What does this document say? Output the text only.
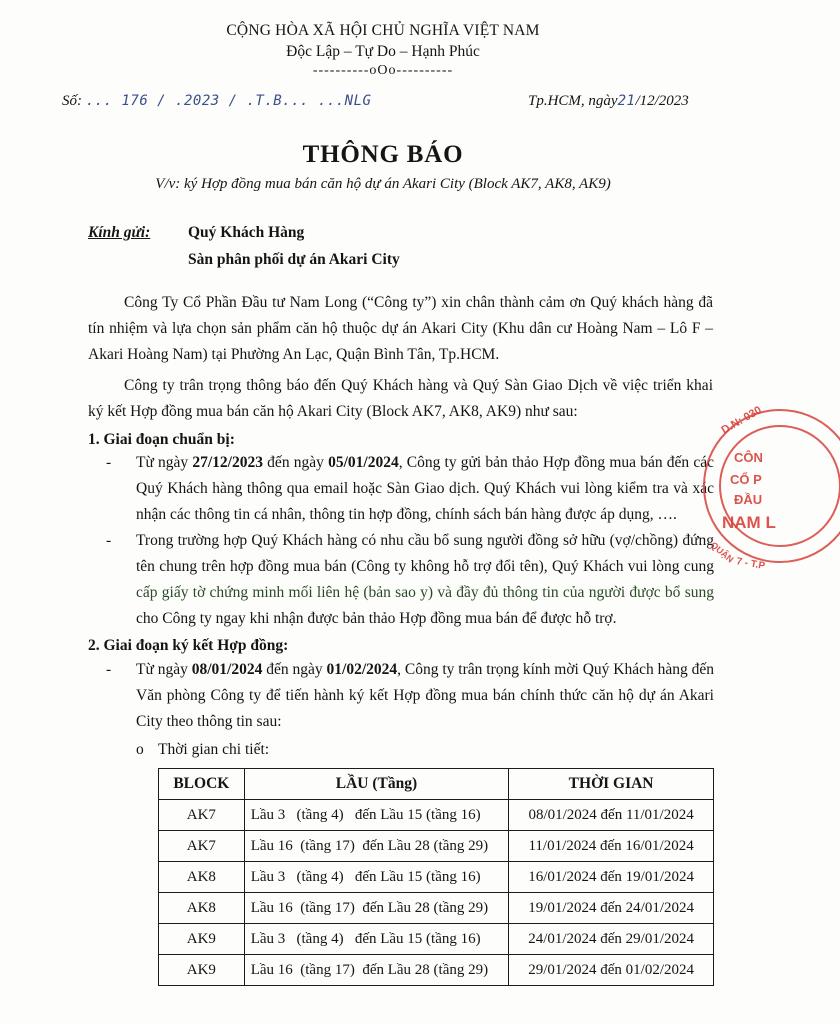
CỘNG HÒA XÃ HỘI CHỦ NGHĨA VIỆT NAM
Độc Lập – Tự Do – Hạnh Phúc
----------oOo----------
Số: ... 176 / .2023 / .T.B... ...NLG	Tp.HCM, ngày21/12/2023
THÔNG BÁO
V/v: ký Hợp đồng mua bán căn hộ dự án Akari City (Block AK7, AK8, AK9)
Kính gửi: Quý Khách Hàng
Sàn phân phối dự án Akari City

Công Ty Cổ Phần Đầu tư Nam Long (“Công ty”) xin chân thành cảm ơn Quý khách hàng đã tín nhiệm và lựa chọn sản phẩm căn hộ thuộc dự án Akari City (Khu dân cư Hoàng Nam – Lô F – Akari Hoàng Nam) tại Phường An Lạc, Quận Bình Tân, Tp.HCM.

Công ty trân trọng thông báo đến Quý Khách hàng và Quý Sàn Giao Dịch về việc triển khai ký kết Hợp đồng mua bán căn hộ Akari City (Block AK7, AK8, AK9) như sau:

1. Giai đoạn chuẩn bị:
- Từ ngày 27/12/2023 đến ngày 05/01/2024, Công ty gửi bản thảo Hợp đồng mua bán đến các Quý Khách hàng thông qua email hoặc Sàn Giao dịch. Quý Khách vui lòng kiểm tra và xác nhận các thông tin cá nhân, thông tin hợp đồng, chính sách bán hàng được áp dụng, ….
- Trong trường hợp Quý Khách hàng có nhu cầu bổ sung người đồng sở hữu (vợ/chồng) đứng tên chung trên hợp đồng mua bán (Công ty không hỗ trợ đổi tên), Quý Khách vui lòng cung cấp giấy tờ chứng minh mối liên hệ (bản sao y) và đầy đủ thông tin của người được bổ sung cho Công ty ngay khi nhận được bản thảo Hợp đồng mua bán để được hỗ trợ.
2. Giai đoạn ký kết Hợp đồng:
- Từ ngày 08/01/2024 đến ngày 01/02/2024, Công ty trân trọng kính mời Quý Khách hàng đến Văn phòng Công ty để tiến hành ký kết Hợp đồng mua bán chính thức căn hộ dự án Akari City theo thông tin sau:
o Thời gian chi tiết:
BLOCK	LẦU (Tầng)	THỜI GIAN
AK7	Lầu 3   (tầng 4)   đến Lầu 15 (tầng 16)	08/01/2024 đến 11/01/2024
AK7	Lầu 16  (tầng 17)  đến Lầu 28 (tầng 29)	11/01/2024 đến 16/01/2024
AK8	Lầu 3   (tầng 4)   đến Lầu 15 (tầng 16)	16/01/2024 đến 19/01/2024
AK8	Lầu 16  (tầng 17)  đến Lầu 28 (tầng 29)	19/01/2024 đến 24/01/2024
AK9	Lầu 3   (tầng 4)   đến Lầu 15 (tầng 16)	24/01/2024 đến 29/01/2024
AK9	Lầu 16  (tầng 17)  đến Lầu 28 (tầng 29)	29/01/2024 đến 01/02/2024
D.N: 030
CÔN
CỔ P
ĐẦU
NAM L
QUẬN 7 - T.P
